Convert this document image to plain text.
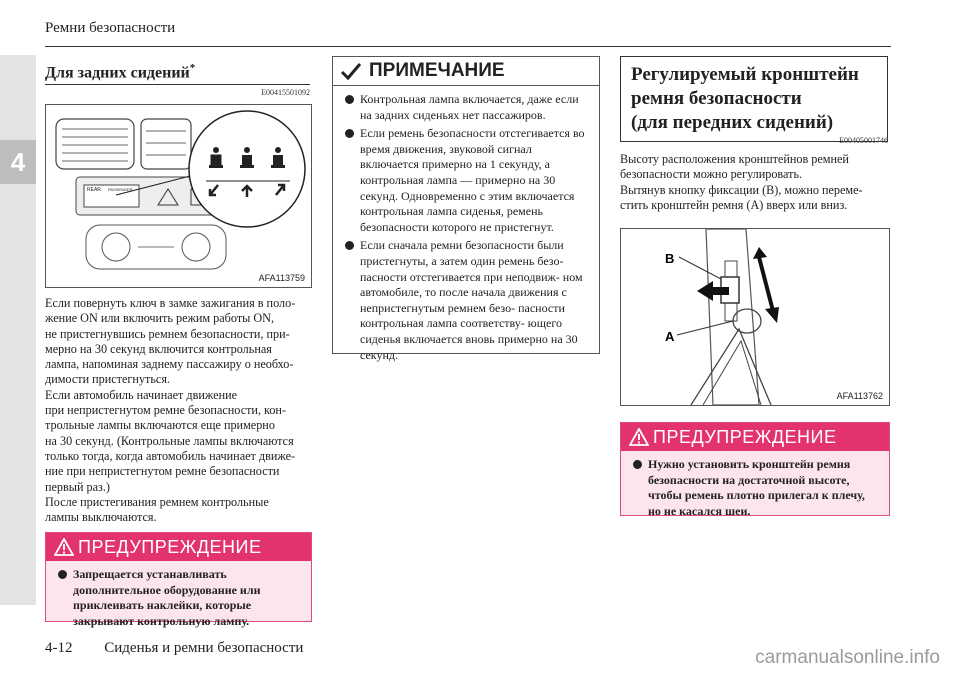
4
Ремни безопасности
Для задних сидений*
E00415501092
REAR PASSENGER
AFA113759
Если повернуть ключ в замке зажигания в поло-
жение ON или включить режим работы ON,
не пристегнувшись ремнем безопасности, при-
мерно на 30 секунд включится контрольная
лампа, напоминая заднему пассажиру о необхо-
димости пристегнуться.
Если автомобиль начинает движение
при непристегнутом ремне безопасности, кон-
трольные лампы включаются еще примерно
на 30 секунд. (Контрольные лампы включаются
только тогда, когда автомобиль начинает движе-
ние при непристегнутом ремне безопасности
первый раз.)
После пристегивания ремнем контрольные
лампы выключаются.
ПРЕДУПРЕЖДЕНИЕ
Запрещается устанавливать дополнительное оборудование или приклеивать наклейки, которые закрывают контрольную лампу.
ПРИМЕЧАНИЕ
Контрольная лампа включается, даже если на задних сиденьях нет пассажиров.
Если ремень безопасности отстегивается во время движения, звуковой сигнал включается примерно на 1 секунду, а контрольная лампа — примерно на 30 секунд. Одновременно с этим включается контрольная лампа сиденья, ремень безопасности которого не пристегнут.
Если сначала ремни безопасности были пристегнуты, а затем один ремень безо- пасности отстегивается при неподвиж- ном автомобиле, то после начала движения с непристегнутым ремнем безо- пасности контрольная лампа соответству- ющего сиденья включается вновь примерно на 30 секунд.
Регулируемый кронштейн
ремня безопасности
(для передних сидений)
E00405001746
Высоту расположения кронштейнов ремней
безопасности можно регулировать.
Вытянув кнопку фиксации (B), можно переме-
стить кронштейн ремня (A) вверх или вниз.
B
A
AFA113762
ПРЕДУПРЕЖДЕНИЕ
Нужно установить кронштейн ремня безопасности на достаточной высоте, чтобы ремень плотно прилегал к плечу, но не касался шеи.
4-12 Сиденья и ремни безопасности	carmanualsonline.info
